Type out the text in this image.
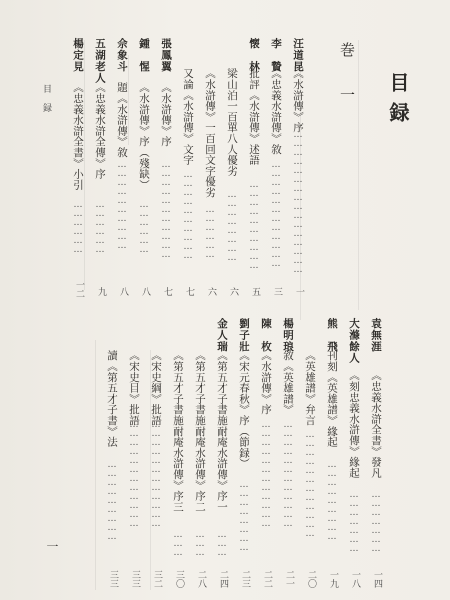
目録
巻 一
汪道昆
《水滸傳》序
…………………………………………
一
李　贄
《忠義水滸傳》敘
………………………………
三
懐　林
批評《水滸傳》述語
…………………………
五
梁山泊一百單八人優劣
……………………
六
《水滸傳》一百回文字優劣
………………
六
又論《水滸傳》文字
…………………………
七
張鳳翼
《水滸傳》序
……………………………
七
鍾　惺
《水滸傳》序（殘缺）
………………
八
佘象斗
題《水滸傳》敘
…………………………
八
五湖老人
《忠義水滸全傳》序
………………
九
楊定見
《忠義水滸全書》小引
………………
一二
袁無涯
《忠義水滸全書》發凡
…………………
一四
大滌餘人
《刻忠義水滸傳》緣起
…………………
一八
熊　飛
刊刻《英雄譜》緣起
………………………
一九
《英雄譜》弁言
………………………………
二〇
楊明琅
敘《英雄譜》
………………………………
二一
陳　枚
《水滸傳》序
………………………………
二二
劉子壯
《宋元春秋》序（節録）
……………………
二三
金人瑞
《第五才子書施耐庵水滸傳》序一
………
二四
《第五才子書施耐庵水滸傳》序二
………
二八
《第五才子書施耐庵水滸傳》序三
………
三〇
《宋史綱》批語
………………………………
三二
《宋史目》批語
………………………………
三三
讀《第五才子書》法
………………………
三三
目 録
一
